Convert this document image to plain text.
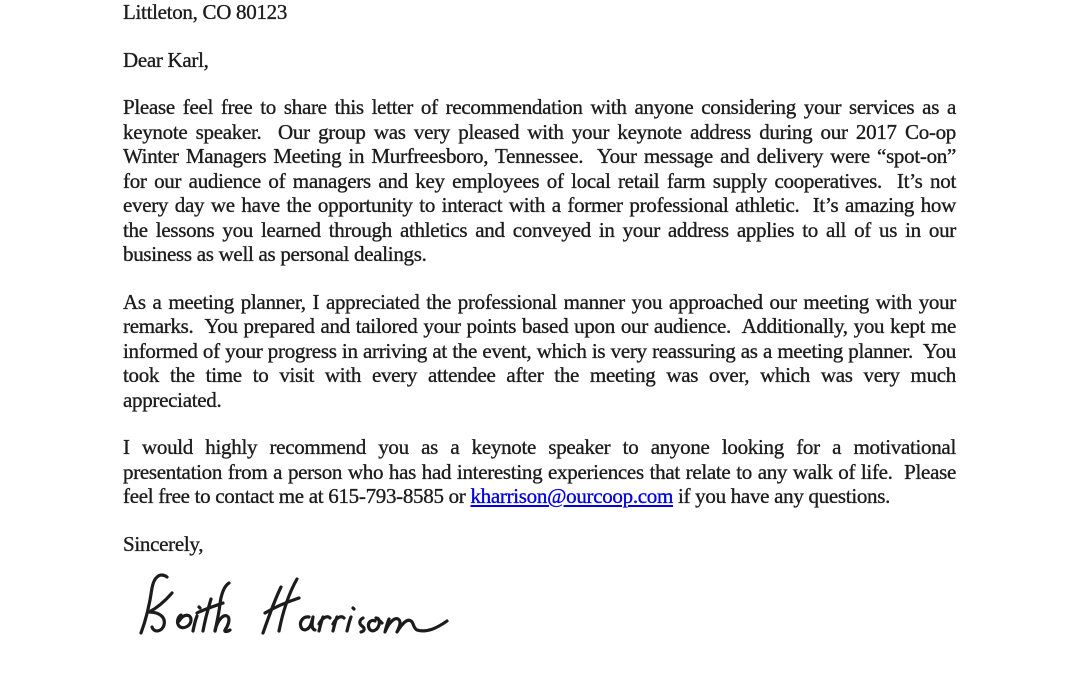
Littleton, CO 80123
Dear Karl,

Please feel free to share this letter of recommendation with anyone considering your services as a keynote speaker.  Our group was very pleased with your keynote address during our 2017 Co-op Winter Managers Meeting in Murfreesboro, Tennessee.  Your message and delivery were “spot-on” for our audience of managers and key employees of local retail farm supply cooperatives.  It’s not every day we have the opportunity to interact with a former professional athletic.  It’s amazing how the lessons you learned through athletics and conveyed in your address applies to all of us in our business as well as personal dealings.

As a meeting planner, I appreciated the professional manner you approached our meeting with your remarks.  You prepared and tailored your points based upon our audience.  Additionally, you kept me informed of your progress in arriving at the event, which is very reassuring as a meeting planner.  You took the time to visit with every attendee after the meeting was over, which was very much appreciated.

I would highly recommend you as a keynote speaker to anyone looking for a motivational presentation from a person who has had interesting experiences that relate to any walk of life.  Please feel free to contact me at 615-793-8585 or kharrison@ourcoop.com if you have any questions.

Sincerely,
